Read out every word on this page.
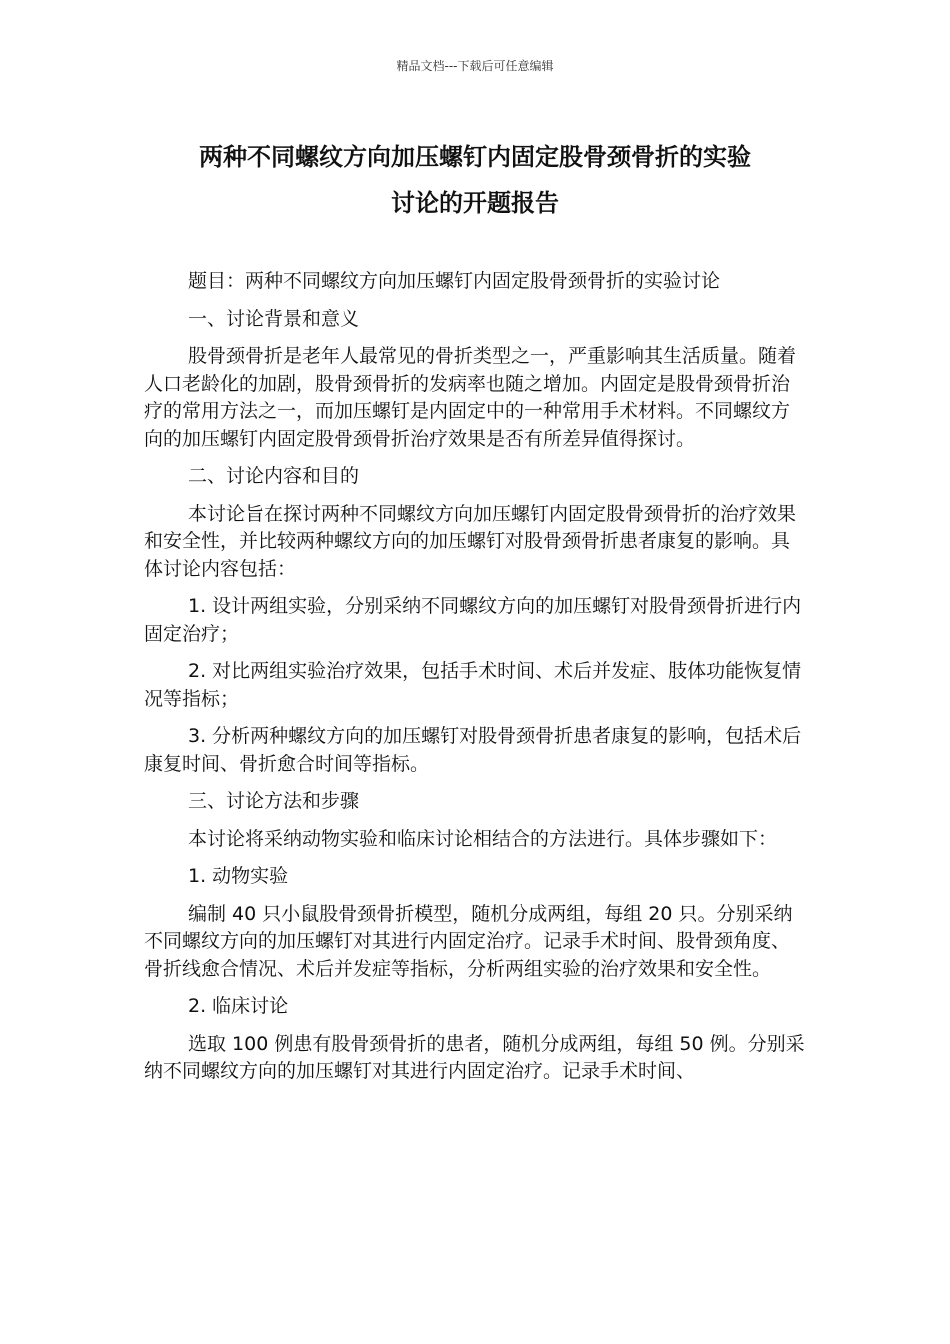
精品文档---下载后可任意编辑
两种不同螺纹方向加压螺钉内固定股骨颈骨折的实验
讨论的开题报告

题目：两种不同螺纹方向加压螺钉内固定股骨颈骨折的实验讨论

一、讨论背景和意义

股骨颈骨折是老年人最常见的骨折类型之一，严重影响其生活质量。随着人口老龄化的加剧，股骨颈骨折的发病率也随之增加。内固定是股骨颈骨折治疗的常用方法之一，而加压螺钉是内固定中的一种常用手术材料。不同螺纹方向的加压螺钉内固定股骨颈骨折治疗效果是否有所差异值得探讨。

二、讨论内容和目的

本讨论旨在探讨两种不同螺纹方向加压螺钉内固定股骨颈骨折的治疗效果和安全性，并比较两种螺纹方向的加压螺钉对股骨颈骨折患者康复的影响。具体讨论内容包括：

1. 设计两组实验，分别采纳不同螺纹方向的加压螺钉对股骨颈骨折进行内固定治疗；

2. 对比两组实验治疗效果，包括手术时间、术后并发症、肢体功能恢复情况等指标；

3. 分析两种螺纹方向的加压螺钉对股骨颈骨折患者康复的影响，包括术后康复时间、骨折愈合时间等指标。

三、讨论方法和步骤

本讨论将采纳动物实验和临床讨论相结合的方法进行。具体步骤如下：

1. 动物实验

编制 40 只小鼠股骨颈骨折模型，随机分成两组，每组 20 只。分别采纳不同螺纹方向的加压螺钉对其进行内固定治疗。记录手术时间、股骨颈角度、骨折线愈合情况、术后并发症等指标，分析两组实验的治疗效果和安全性。

2. 临床讨论

选取 100 例患有股骨颈骨折的患者，随机分成两组，每组 50 例。分别采纳不同螺纹方向的加压螺钉对其进行内固定治疗。记录手术时间、
